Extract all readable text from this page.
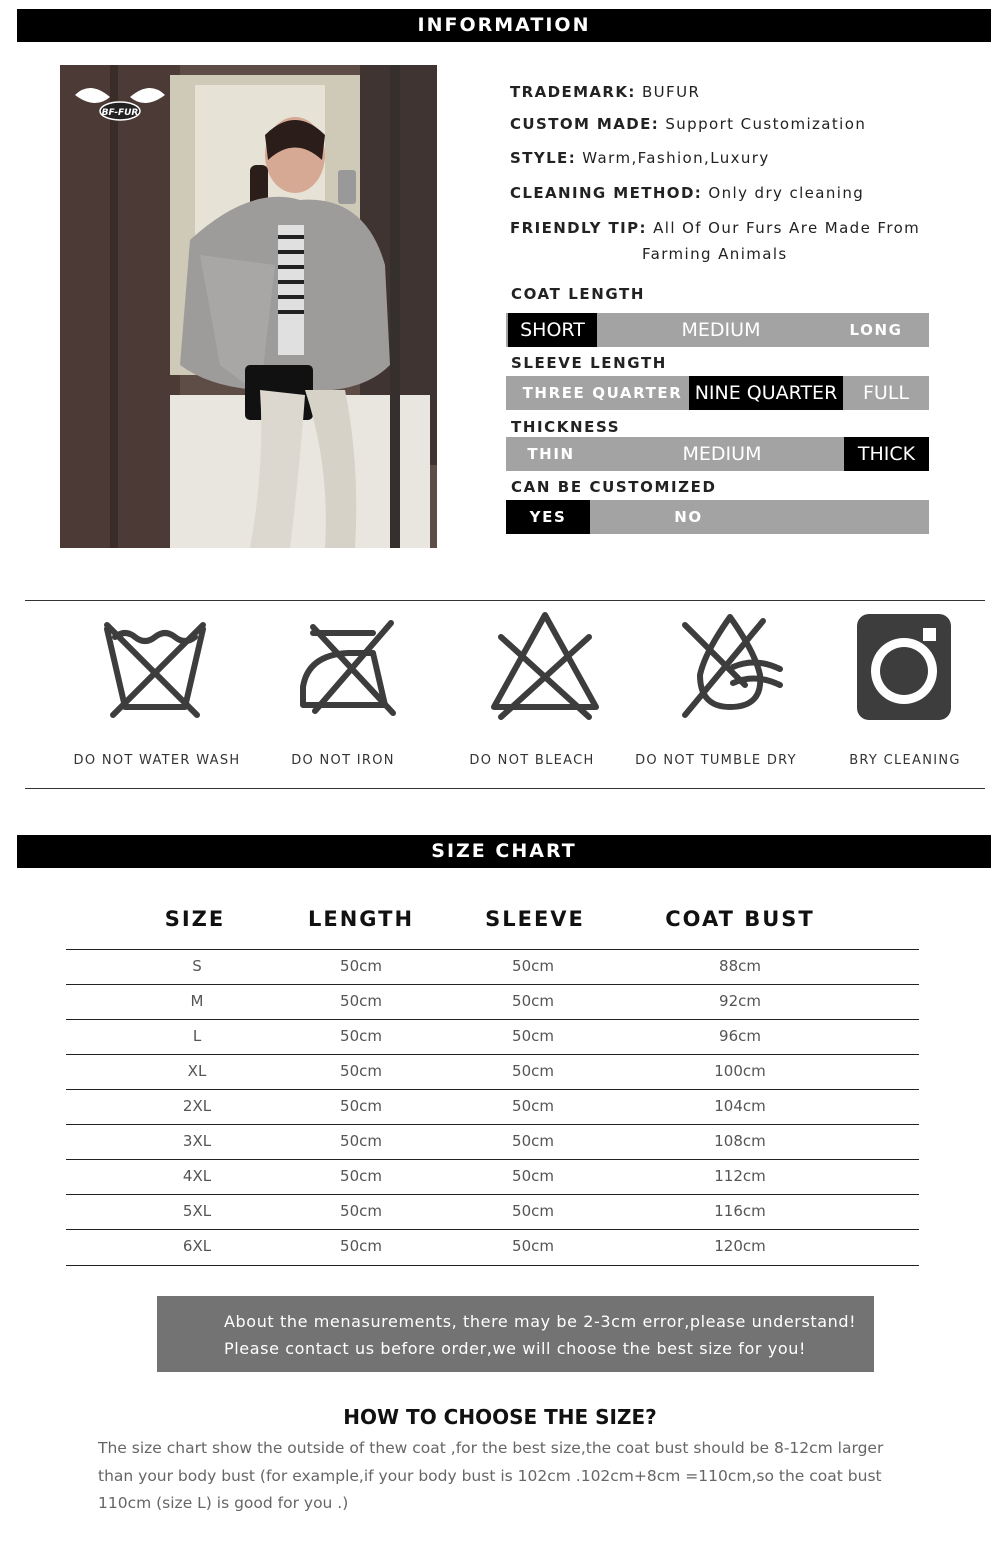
INFORMATION
BF-FUR
TRADEMARK: BUFUR
CUSTOM MADE: Support Customization
STYLE: Warm,Fashion,Luxury
CLEANING METHOD: Only dry cleaning
FRIENDLY TIP: All Of Our Furs Are Made From
Farming Animals
COAT LENGTH
SHORT	MEDIUM	LONG
SLEEVE LENGTH
THREE QUARTER NINE QUARTER	FULL
THICKNESS
THIN	MEDIUM	THICK
CAN BE CUSTOMIZED
YES	NO
DO NOT WATER WASH	DO NOT IRON	DO NOT BLEACH	DO NOT TUMBLE DRY	BRY CLEANING
SIZE CHART
SIZE	LENGTH	SLEEVE	COAT BUST
S	50cm	50cm	88cm
M	50cm	50cm	92cm
L	50cm	50cm	96cm
XL	50cm	50cm	100cm
2XL	50cm	50cm	104cm
3XL	50cm	50cm	108cm
4XL	50cm	50cm	112cm
5XL	50cm	50cm	116cm
6XL	50cm	50cm	120cm
About the menasurements, there may be 2-3cm error,please understand!
Please contact us before order,we will choose the best size for you!
HOW TO CHOOSE THE SIZE?
The size chart show the outside of thew coat ,for the best size,the coat bust should be 8-12cm larger than your body bust (for example,if your body bust is 102cm .102cm+8cm =110cm,so the coat bust 110cm (size L) is good for you .)
